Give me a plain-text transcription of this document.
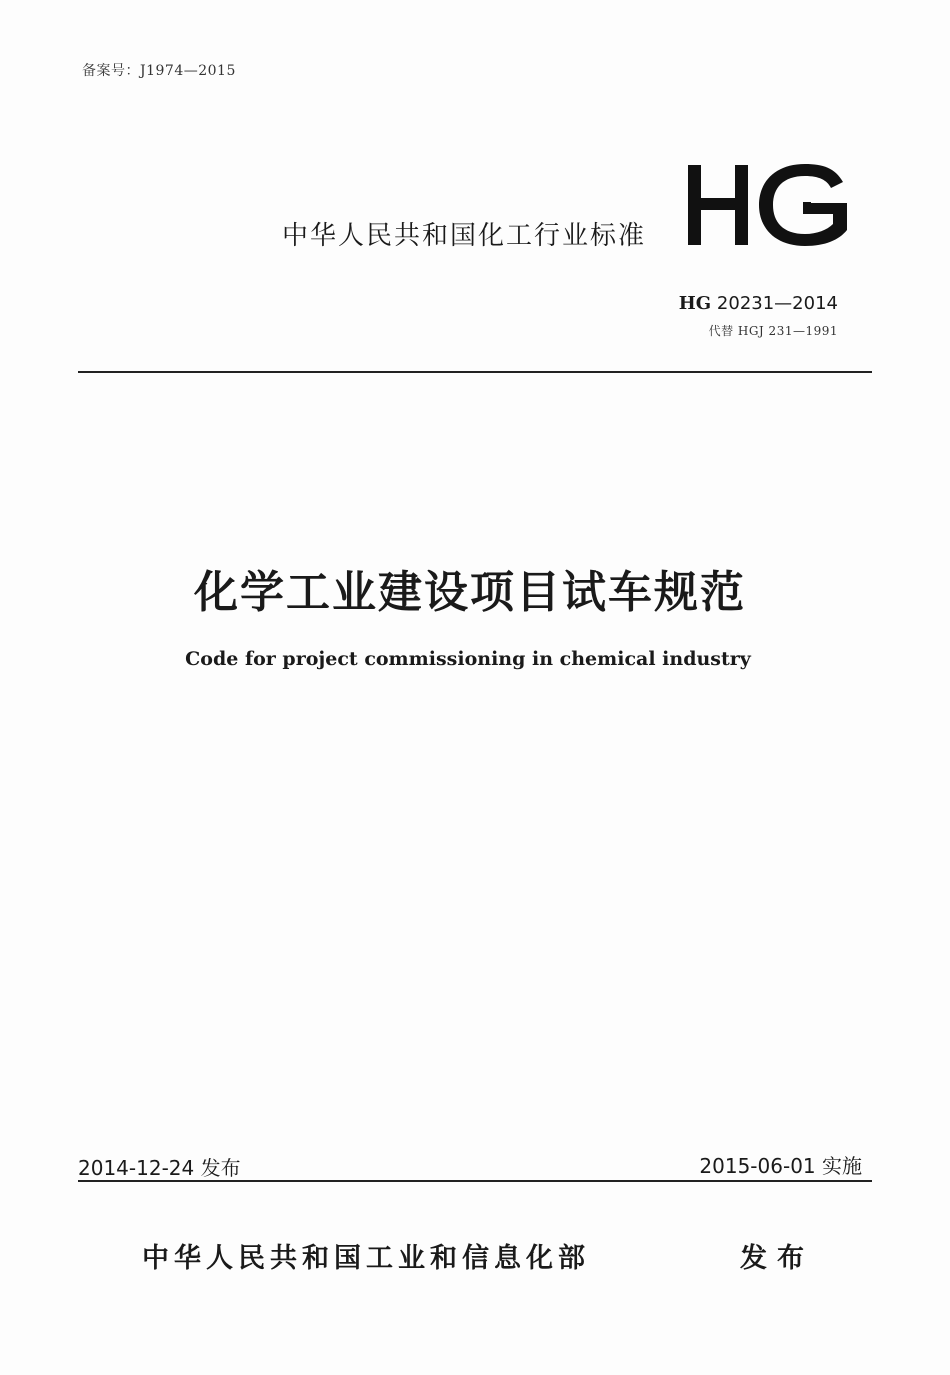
备案号：J1974—2015
中华人民共和国化工行业标准
HG 20231—2014
代替 HGJ 231—1991
化学工业建设项目试车规范
Code for project commissioning in chemical industry
2014-12-24 发布	2015-06-01 实施
中华人民共和国工业和信息化部	发布
